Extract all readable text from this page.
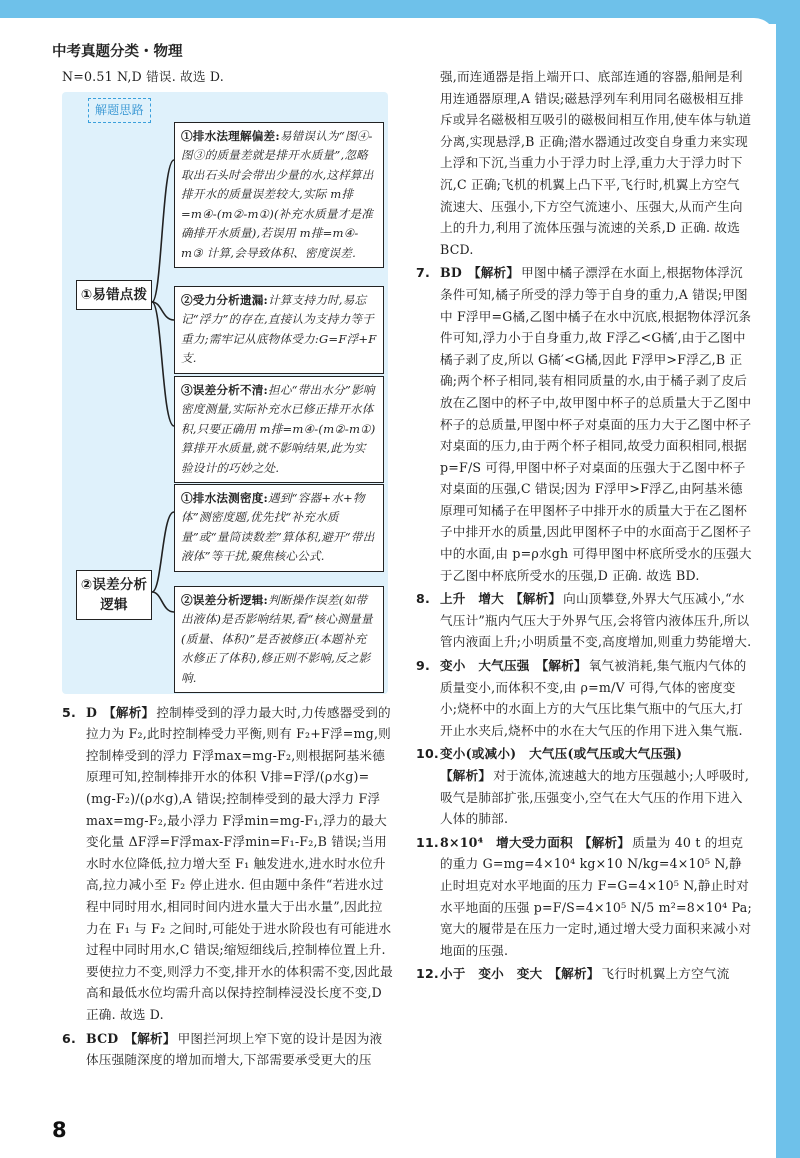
中考真题分类・物理

N=0.51 N,D 错误. 故选 D.

解题思路
①易错点拨
②误差分析逻辑
①排水法理解偏差:易错误认为“图④-图③的质量差就是排开水质量”,忽略取出石头时会带出少量的水,这样算出排开水的质量误差较大,实际 m排=m④-(m②-m①)(补充水质量才是准确排开水质量),若误用 m排=m④-m③ 计算,会导致体积、密度误差.
②受力分析遗漏:计算支持力时,易忘记“浮力”的存在,直接认为支持力等于重力;需牢记从底物体受力:G=F浮+F支.
③误差分析不清:担心“带出水分”影响密度测量,实际补充水已修正排开水体积,只要正确用 m排=m④-(m②-m①)算排开水质量,就不影响结果,此为实验设计的巧妙之处.
①排水法测密度:遇到“容器+水+物体”测密度题,优先找“补充水质量”或“量筒读数差”算体积,避开“带出液体”等干扰,聚焦核心公式.
②误差分析逻辑:判断操作误差(如带出液体)是否影响结果,看“核心测量量(质量、体积)”是否被修正(本题补充水修正了体积),修正则不影响,反之影响.
5. D 【解析】 控制棒受到的浮力最大时,力传感器受到的拉力为 F₂,此时控制棒受力平衡,则有 F₂+F浮=mg,则控制棒受到的浮力 F浮max=mg-F₂,则根据阿基米德原理可知,控制棒排开水的体积 V排=F浮/(ρ水g)=(mg-F₂)/(ρ水g),A 错误;控制棒受到的最大浮力 F浮max=mg-F₂,最小浮力 F浮min=mg-F₁,浮力的最大变化量 ΔF浮=F浮max-F浮min=F₁-F₂,B 错误;当用水时水位降低,拉力增大至 F₁ 触发进水,进水时水位升高,拉力减小至 F₂ 停止进水. 但由题中条件“若进水过程中同时用水,相同时间内进水量大于出水量”,因此拉力在 F₁ 与 F₂ 之间时,可能处于进水阶段也有可能进水过程中同时用水,C 错误;缩短细线后,控制棒位置上升. 要使拉力不变,则浮力不变,排开水的体积需不变,因此最高和最低水位均需升高以保持控制棒浸没长度不变,D 正确. 故选 D.
6. BCD 【解析】 甲图拦河坝上窄下宽的设计是因为液体压强随深度的增加而增大,下部需要承受更大的压

强,而连通器是指上端开口、底部连通的容器,船闸是利用连通器原理,A 错误;磁悬浮列车利用同名磁极相互排斥或异名磁极相互吸引的磁极间相互作用,使车体与轨道分离,实现悬浮,B 正确;潜水器通过改变自身重力来实现上浮和下沉,当重力小于浮力时上浮,重力大于浮力时下沉,C 正确;飞机的机翼上凸下平,飞行时,机翼上方空气流速大、压强小,下方空气流速小、压强大,从而产生向上的升力,利用了流体压强与流速的关系,D 正确. 故选 BCD.

7. BD 【解析】 甲图中橘子漂浮在水面上,根据物体浮沉条件可知,橘子所受的浮力等于自身的重力,A 错误;甲图中 F浮甲=G橘,乙图中橘子在水中沉底,根据物体浮沉条件可知,浮力小于自身重力,故 F浮乙<G橘′,由于乙图中橘子剥了皮,所以 G橘′<G橘,因此 F浮甲>F浮乙,B 正确;两个杯子相同,装有相同质量的水,由于橘子剥了皮后放在乙图中的杯子中,故甲图中杯子的总质量大于乙图中杯子的总质量,甲图中杯子对桌面的压力大于乙图中杯子对桌面的压力,由于两个杯子相同,故受力面积相同,根据 p=F/S 可得,甲图中杯子对桌面的压强大于乙图中杯子对桌面的压强,C 错误;因为 F浮甲>F浮乙,由阿基米德原理可知橘子在甲图杯子中排开水的质量大于在乙图杯子中排开水的质量,因此甲图杯子中的水面高于乙图杯子中的水面,由 p=ρ水gh 可得甲图中杯底所受水的压强大于乙图中杯底所受水的压强,D 正确. 故选 BD.
8. 上升　增大 【解析】 向山顶攀登,外界大气压减小,“水气压计”瓶内气压大于外界气压,会将管内液体压升,所以管内液面上升;小明质量不变,高度增加,则重力势能增大.
9. 变小　大气压强 【解析】 氧气被消耗,集气瓶内气体的质量变小,而体积不变,由 ρ=m/V 可得,气体的密度变小;烧杯中的水面上方的大气压比集气瓶中的气压大,打开止水夹后,烧杯中的水在大气压的作用下进入集气瓶.
10. 变小(或减小)　大气压(或气压或大气压强)
【解析】 对于流体,流速越大的地方压强越小;人呼吸时,吸气是肺部扩张,压强变小,空气在大气压的作用下进入人体的肺部.
11. 8×10⁴　增大受力面积 【解析】 质量为 40 t 的坦克的重力 G=mg=4×10⁴ kg×10 N/kg=4×10⁵ N,静止时坦克对水平地面的压力 F=G=4×10⁵ N,静止时对水平地面的压强 p=F/S=4×10⁵ N/5 m²=8×10⁴ Pa;宽大的履带是在压力一定时,通过增大受力面积来减小对地面的压强.
12. 小于　变小　变大 【解析】 飞行时机翼上方空气流
8
